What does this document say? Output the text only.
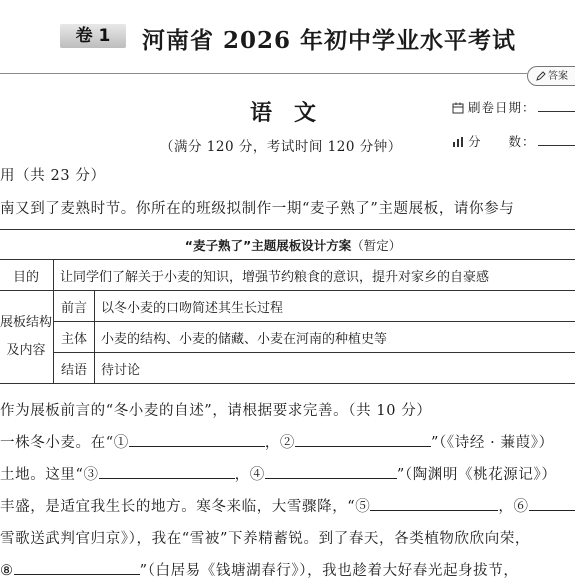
卷 1	河南省 2026 年初中学业水平考试
答案
语文	刷卷日期：
分　　数：
（满分 120 分，考试时间 120 分钟）
用（共 23 分）
南又到了麦熟时节。你所在的班级拟制作一期“麦子熟了”主题展板，请你参与
“麦子熟了”主题展板设计方案（暂定）		
目的	让同学们了解关于小麦的知识，增强节约粮食的意识，提升对家乡的自豪感	

展板结构
及内容	前言	以冬小麦的口吻简述其生长过程
	主体	小麦的结构、小麦的储藏、小麦在河南的种植史等
	结语	待讨论
作为展板前言的“冬小麦的自述”，请根据要求完善。（共 10 分）
一株冬小麦。在“①	，②	”（《诗经 · 蒹葭》）
土地。这里“③	，④	”（陶渊明《桃花源记》）
丰盛，是适宜我生长的地方。寒冬来临，大雪骤降，“⑤	，⑥
雪歌送武判官归京》），我在“雪被”下养精蓄锐。到了春天，各类植物欣欣向荣，
⑧	”（白居易《钱塘湖春行》），我也趁着大好春光起身拔节，
